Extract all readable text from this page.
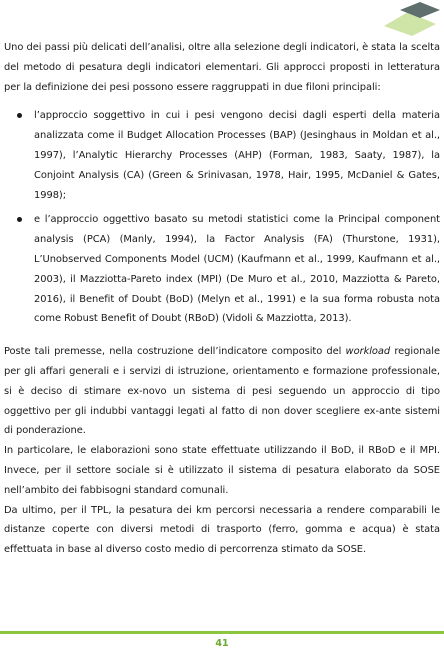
Uno dei passi più delicati dell’analisi, oltre alla selezione degli indicatori, è stata la scelta del metodo di pesatura degli indicatori elementari. Gli approcci proposti in letteratura per la definizione dei pesi possono essere raggruppati in due filoni principali:

l’approccio soggettivo in cui i pesi vengono decisi dagli esperti della materia analizzata come il Budget Allocation Processes (BAP) (Jesinghaus in Moldan et al., 1997), l’Analytic Hierarchy Processes (AHP) (Forman, 1983, Saaty, 1987), la Conjoint Analysis (CA) (Green & Srinivasan, 1978, Hair, 1995, McDaniel & Gates, 1998);

e l’approccio oggettivo basato su metodi statistici come la Principal component analysis (PCA) (Manly, 1994), la Factor Analysis (FA) (Thurstone, 1931), L’Unobserved Components Model (UCM) (Kaufmann et al., 1999, Kaufmann et al., 2003), il Mazziotta-Pareto index (MPI) (De Muro et al., 2010, Mazziotta & Pareto, 2016), il Benefit of Doubt (BoD) (Melyn et al., 1991) e la sua forma robusta nota come Robust Benefit of Doubt (RBoD) (Vidoli & Mazziotta, 2013).

Poste tali premesse, nella costruzione dell’indicatore composito del workload regionale per gli affari generali e i servizi di istruzione, orientamento e formazione professionale, si è deciso di stimare ex-novo un sistema di pesi seguendo un approccio di tipo oggettivo per gli indubbi vantaggi legati al fatto di non dover scegliere ex-ante sistemi di ponderazione.

In particolare, le elaborazioni sono state effettuate utilizzando il BoD, il RBoD e il MPI. Invece, per il settore sociale si è utilizzato il sistema di pesatura elaborato da SOSE nell’ambito dei fabbisogni standard comunali.

Da ultimo, per il TPL, la pesatura dei km percorsi necessaria a rendere comparabili le distanze coperte con diversi metodi di trasporto (ferro, gomma e acqua) è stata effettuata in base al diverso costo medio di percorrenza stimato da SOSE.

41
